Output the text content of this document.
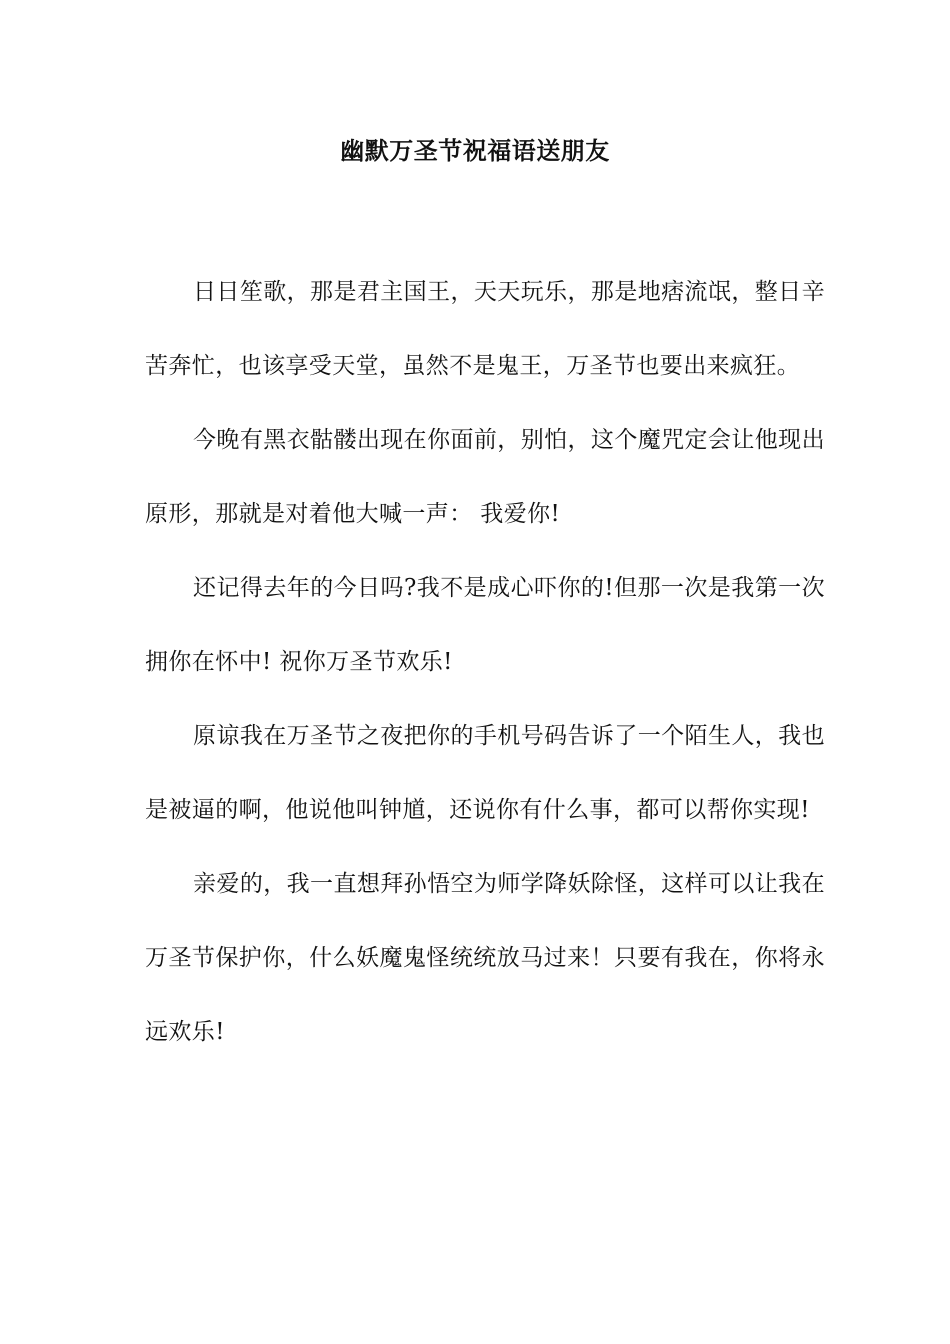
幽默万圣节祝福语送朋友

日日笙歌，那是君主国王，天天玩乐，那是地痞流氓，整日辛苦奔忙，也该享受天堂，虽然不是鬼王，万圣节也要出来疯狂。

今晚有黑衣骷髅出现在你面前，别怕，这个魔咒定会让他现出原形，那就是对着他大喊一声： 我爱你!

还记得去年的今日吗?我不是成心吓你的!但那一次是我第一次拥你在怀中! 祝你万圣节欢乐!

原谅我在万圣节之夜把你的手机号码告诉了一个陌生人，我也是被逼的啊，他说他叫钟馗，还说你有什么事，都可以帮你实现!

亲爱的，我一直想拜孙悟空为师学降妖除怪，这样可以让我在万圣节保护你，什么妖魔鬼怪统统放马过来！只要有我在，你将永远欢乐!
